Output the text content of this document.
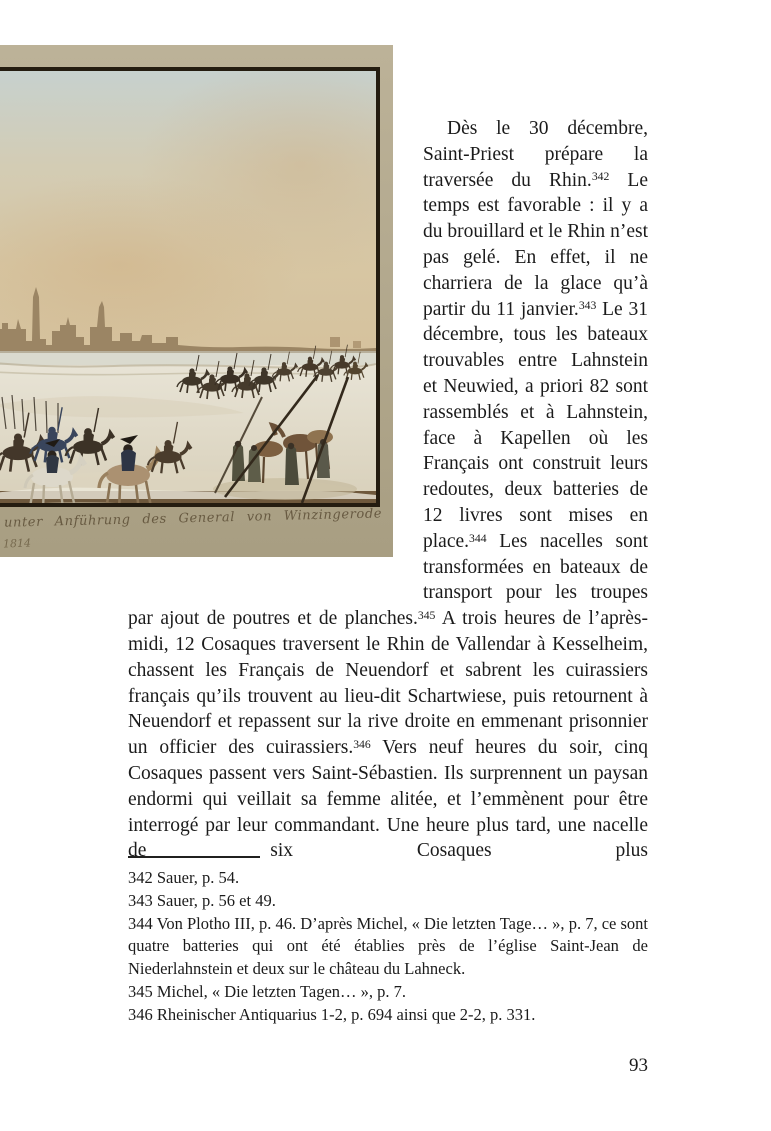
unter Anführung des General von Winzingerode
1814

Dès le 30 décembre, Saint-Priest prépare la traversée du Rhin.$^{342}$ Le temps est favorable : il y a du brouillard et le Rhin n’est pas gelé. En effet, il ne charriera de la glace qu’à partir du 11 janvier.$^{343}$ Le 31 décembre, tous les bateaux trouvables entre Lahnstein et Neuwied, a priori 82 sont rassemblés et à Lahnstein, face à Kapellen où les Français ont construit leurs redoutes, deux batteries de 12 livres sont mises en place.$^{344}$ Les nacelles sont transformées en bateaux de transport pour les troupes par ajout de poutres et de planches.$^{345}$ A trois heures de l’après-midi, 12 Cosaques traversent le Rhin de Vallendar à Kesselheim, chassent les Français de Neuendorf et sabrent les cuirassiers français qu’ils trouvent au lieu-dit Schartwiese, puis retournent à Neuendorf et repassent sur la rive droite en emmenant prisonnier un officier des cuirassiers.$^{346}$ Vers neuf heures du soir, cinq Cosaques passent vers Saint-Sébastien. Ils surprennent un paysan endormi qui veillait sa femme alitée, et l’emmènent pour être interrogé par leur commandant. Une heure plus tard, une nacelle de six Cosaques plus

342 Sauer, p. 54.
343 Sauer, p. 56 et 49.
344 Von Plotho III, p. 46. D’après Michel, « Die letzten Tage… », p. 7, ce sont quatre batteries qui ont été établies près de l’église Saint-Jean de Niederlahnstein et deux sur le château du Lahneck.
345 Michel, « Die letzten Tagen… », p. 7.
346 Rheinischer Antiquarius 1-2, p. 694 ainsi que 2-2, p. 331.
93
